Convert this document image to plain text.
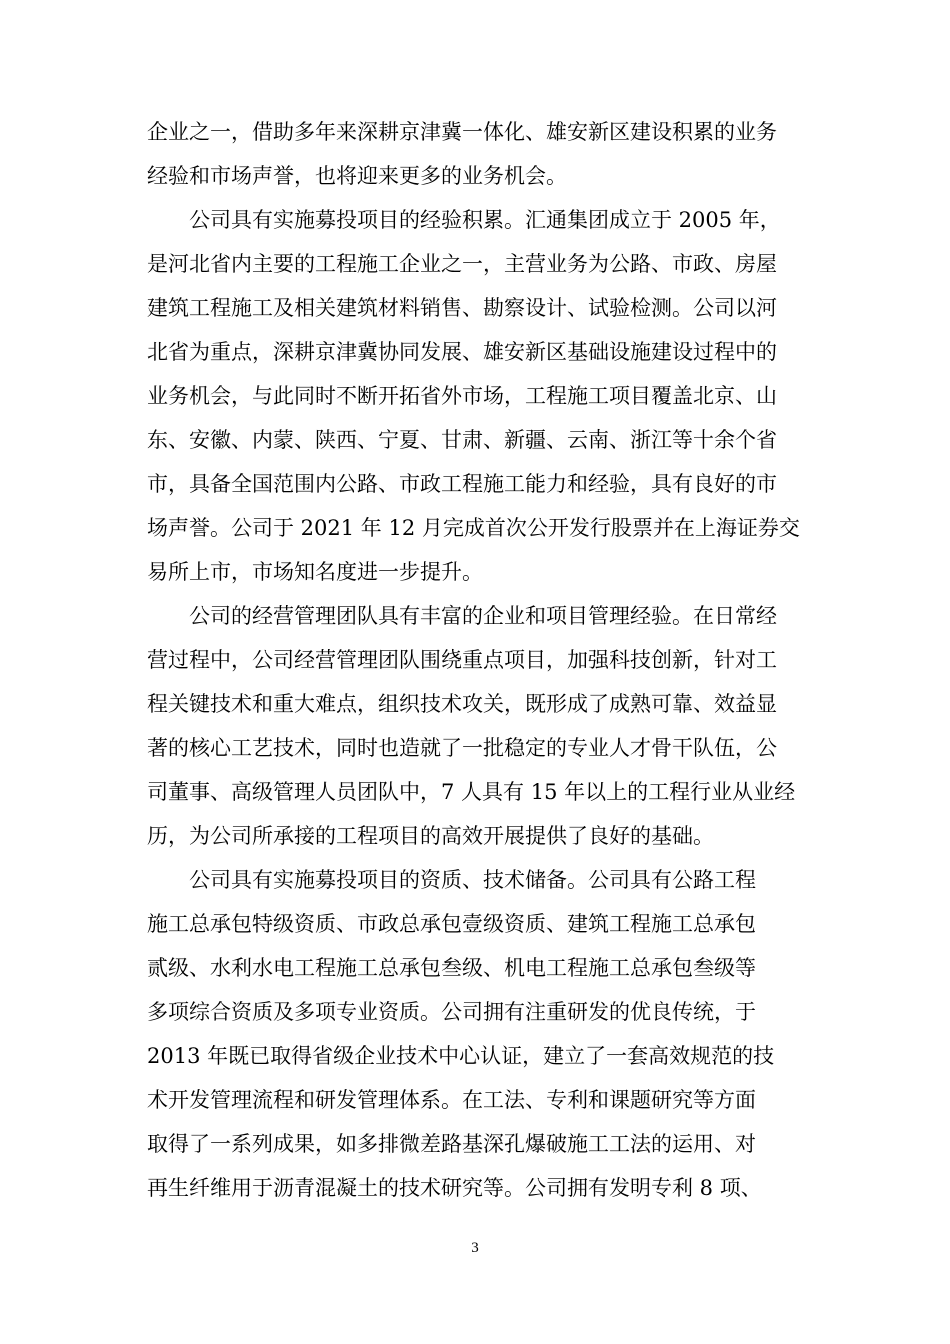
企业之一，借助多年来深耕京津冀一体化、雄安新区建设积累的业务
经验和市场声誉，也将迎来更多的业务机会。
公司具有实施募投项目的经验积累。汇通集团成立于 2005 年，
是河北省内主要的工程施工企业之一，主营业务为公路、市政、房屋
建筑工程施工及相关建筑材料销售、勘察设计、试验检测。公司以河
北省为重点，深耕京津冀协同发展、雄安新区基础设施建设过程中的
业务机会，与此同时不断开拓省外市场，工程施工项目覆盖北京、山
东、安徽、内蒙、陕西、宁夏、甘肃、新疆、云南、浙江等十余个省
市，具备全国范围内公路、市政工程施工能力和经验，具有良好的市
场声誉。公司于 2021 年 12 月完成首次公开发行股票并在上海证券交
易所上市，市场知名度进一步提升。
公司的经营管理团队具有丰富的企业和项目管理经验。在日常经
营过程中，公司经营管理团队围绕重点项目，加强科技创新，针对工
程关键技术和重大难点，组织技术攻关，既形成了成熟可靠、效益显
著的核心工艺技术，同时也造就了一批稳定的专业人才骨干队伍，公
司董事、高级管理人员团队中，7 人具有 15 年以上的工程行业从业经
历，为公司所承接的工程项目的高效开展提供了良好的基础。
公司具有实施募投项目的资质、技术储备。公司具有公路工程
施工总承包特级资质、市政总承包壹级资质、建筑工程施工总承包
贰级、水利水电工程施工总承包叁级、机电工程施工总承包叁级等
多项综合资质及多项专业资质。公司拥有注重研发的优良传统，于
2013 年既已取得省级企业技术中心认证，建立了一套高效规范的技
术开发管理流程和研发管理体系。在工法、专利和课题研究等方面
取得了一系列成果，如多排微差路基深孔爆破施工工法的运用、对
再生纤维用于沥青混凝土的技术研究等。公司拥有发明专利 8 项、
3
